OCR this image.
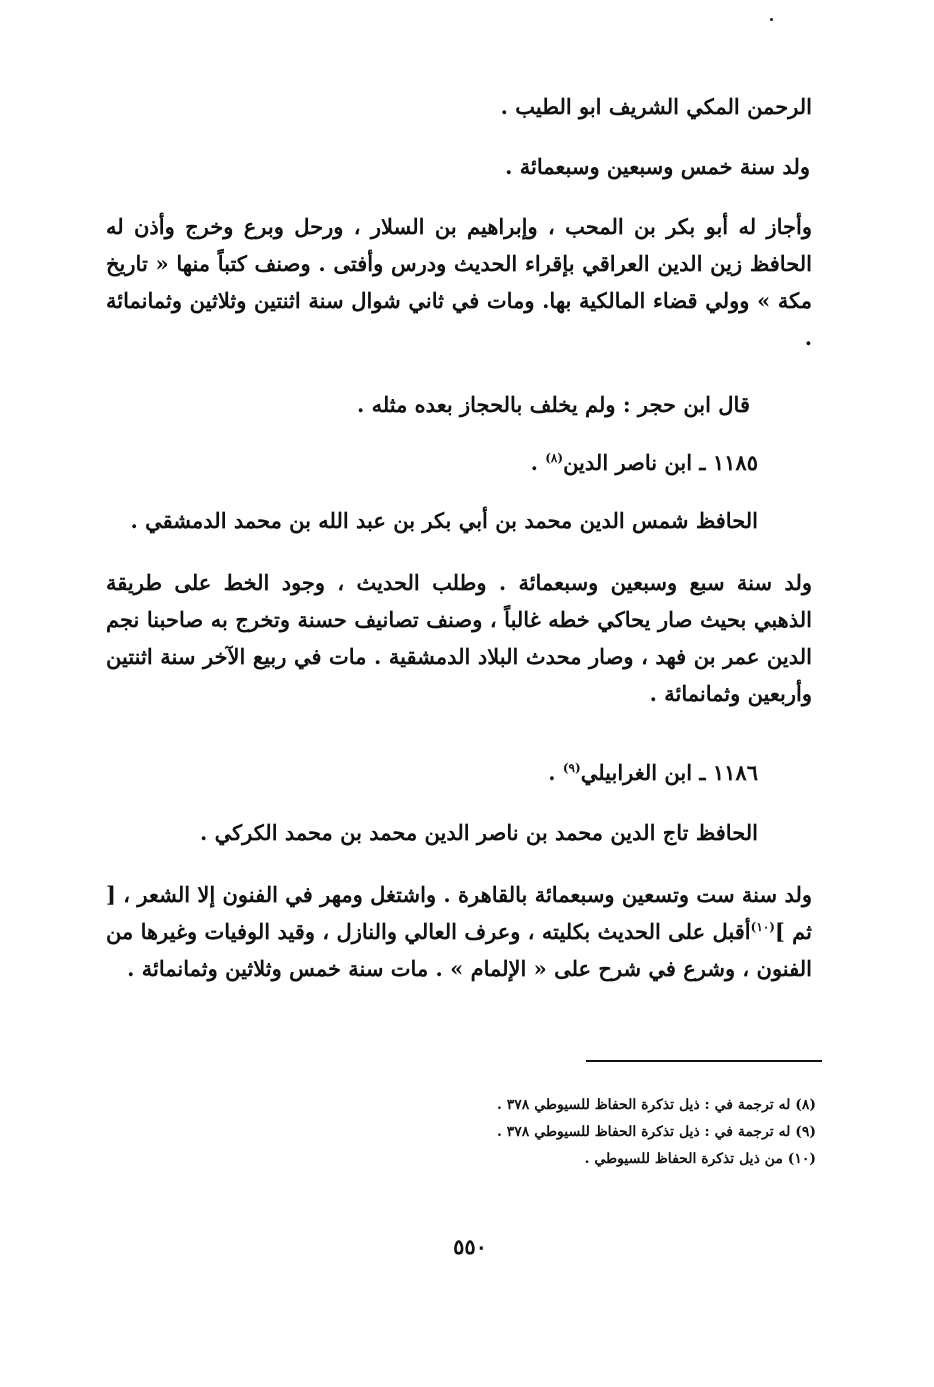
الرحمن المكي الشريف ابو الطيب .
ولد سنة خمس وسبعين وسبعمائة .
وأجاز له أبو بكر بن المحب ، وإبراهيم بن السلار ، ورحل وبرع وخرج وأذن له الحافظ زين الدين العراقي بإقراء الحديث ودرس وأفتى . وصنف كتباً منها « تاريخ مكة » وولي قضاء المالكية بها. ومات في ثاني شوال سنة اثنتين وثلاثين وثمانمائة .
قال ابن حجر : ولم يخلف بالحجاز بعده مثله .
١١٨٥ ـ ابن ناصر الدين$^{(٨)}$ .
الحافظ شمس الدين محمد بن أبي بكر بن عبد الله بن محمد الدمشقي .
ولد سنة سبع وسبعين وسبعمائة . وطلب الحديث ، وجود الخط على طريقة الذهبي بحيث صار يحاكي خطه غالباً ، وصنف تصانيف حسنة وتخرج به صاحبنا نجم الدين عمر بن فهد ، وصار محدث البلاد الدمشقية . مات في ربيع الآخر سنة اثنتين وأربعين وثمانمائة .
١١٨٦ ـ ابن الغرابيلي$^{(٩)}$ .
الحافظ تاج الدين محمد بن ناصر الدين محمد بن محمد الكركي .
ولد سنة ست وتسعين وسبعمائة بالقاهرة . واشتغل ومهر في الفنون إلا الشعر ، [ ثم ]$^{(١٠)}$أقبل على الحديث بكليته ، وعرف العالي والنازل ، وقيد الوفيات وغيرها من الفنون ، وشرع في شرح على « الإلمام » . مات سنة خمس وثلاثين وثمانمائة .
(٨) له ترجمة في : ذيل تذكرة الحفاظ للسيوطي ٣٧٨ .
(٩) له ترجمة في : ذيل تذكرة الحفاظ للسيوطي ٣٧٨ .
(١٠) من ذيل تذكرة الحفاظ للسيوطي .
٥٥٠
